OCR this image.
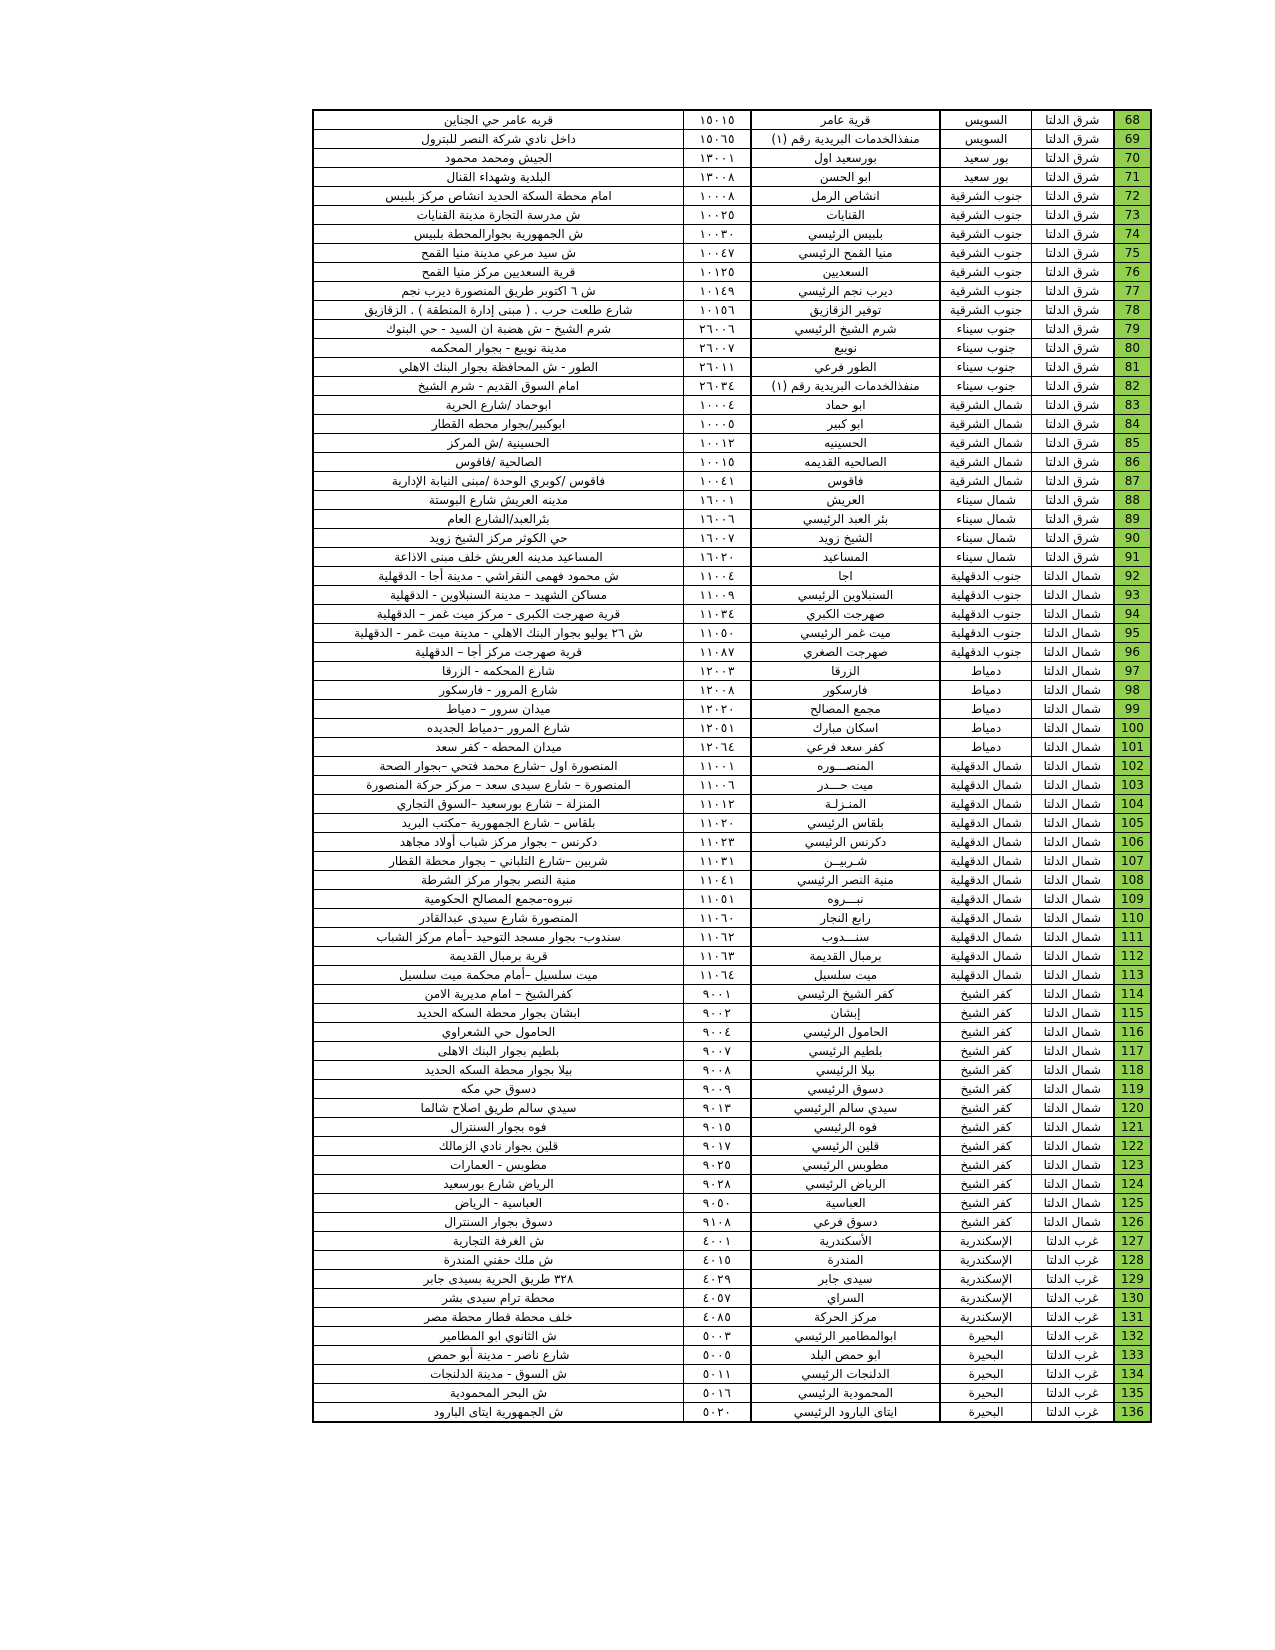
قربه عامر حي الجناين	١٥٠١٥	قرية عامر	السويس	شرق الدلتا	68
داخل نادي شركة النصر للبترول	١٥٠٦٥	منفذالخدمات البريدية رقم (١)	السويس	شرق الدلتا	69
الجيش ومحمد محمود	١٣٠٠١	بورسعيد اول	بور سعيد	شرق الدلتا	70
البلدية وشهداء القنال	١٣٠٠٨	ابو الحسن	بور سعيد	شرق الدلتا	71
امام محطة السكة الحديد انشاص مركز بلبيس	١٠٠٠٨	انشاص الرمل	جنوب الشرقية	شرق الدلتا	72
ش مدرسة التجارة مدينة القنايات	١٠٠٢٥	القنايات	جنوب الشرقية	شرق الدلتا	73
ش الجمهورية بجوارالمحطة بلبيس	١٠٠٣٠	بلبيس الرئيسي	جنوب الشرقية	شرق الدلتا	74
ش سيد مرعي مدينة منيا القمح	١٠٠٤٧	منيا القمح الرئيسي	جنوب الشرقية	شرق الدلتا	75
قرية السعديين مركز منيا القمح	١٠١٢٥	السعديين	جنوب الشرقية	شرق الدلتا	76
ش ٦ اكتوبر طريق المنصورة ديرب نجم	١٠١٤٩	ديرب نجم الرئيسي	جنوب الشرقية	شرق الدلتا	77
شارع طلعت حرب . ( مبنى إدارة المنطقة ) . الزقازيق	١٠١٥٦	توفير الزقازيق	جنوب الشرقية	شرق الدلتا	78
شرم الشيخ - ش هضبة ان السيد - حي البنوك	٢٦٠٠٦	شرم الشيخ الرئيسي	جنوب سيناء	شرق الدلتا	79
مدينة نويبع - بجوار المحكمه	٢٦٠٠٧	نويبع	جنوب سيناء	شرق الدلتا	80
الطور - ش المحافظة بجوار البنك الاهلي	٢٦٠١١	الطور فرعي	جنوب سيناء	شرق الدلتا	81
امام السوق القديم - شرم الشيخ	٢٦٠٣٤	منفذالخدمات البريدية رقم (١)	جنوب سيناء	شرق الدلتا	82
ابوحماد /شارع الحرية	١٠٠٠٤	ابو حماد	شمال الشرقية	شرق الدلتا	83
ابوكبير/بجوار محطه القطار	١٠٠٠٥	ابو كبير	شمال الشرقية	شرق الدلتا	84
الحسينية /ش المركز	١٠٠١٢	الحسينيه	شمال الشرقية	شرق الدلتا	85
الصالحية /فاقوس	١٠٠١٥	الصالحيه القديمه	شمال الشرقية	شرق الدلتا	86
فاقوس /كوبري الوحدة /مبنى النيابة الإدارية	١٠٠٤١	فاقوس	شمال الشرقية	شرق الدلتا	87
مدينه العريش شارع البوستة	١٦٠٠١	العريش	شمال سيناء	شرق الدلتا	88
بئرالعبد/الشارع العام	١٦٠٠٦	بئر العبد الرئيسي	شمال سيناء	شرق الدلتا	89
حي الكوثر مركز الشيخ زويد	١٦٠٠٧	الشيخ زويد	شمال سيناء	شرق الدلتا	90
المساعيد مدينه العريش خلف مبنى الاذاعة	١٦٠٢٠	المساعيد	شمال سيناء	شرق الدلتا	91
ش محمود فهمى النقراشي - مدينة أجا - الدقهلية	١١٠٠٤	اجا	جنوب الدقهلية	شمال الدلتا	92
مساكن الشهيد – مدينة السنبلاوين - الدقهلية	١١٠٠٩	السنبلاوين الرئيسي	جنوب الدقهلية	شمال الدلتا	93
قرية صهرجت الكبرى - مركز ميت غمر – الدقهلية	١١٠٣٤	صهرجت الكبري	جنوب الدقهلية	شمال الدلتا	94
ش ٢٦ يوليو بجوار البنك الاهلي - مدينة ميت غمر - الدقهلية	١١٠٥٠	ميت غمر الرئيسي	جنوب الدقهلية	شمال الدلتا	95
قرية صهرجت مركز أجا – الدقهلية	١١٠٨٧	صهرجت الصغري	جنوب الدقهلية	شمال الدلتا	96
شارع المحكمه - الزرقا	١٢٠٠٣	الزرقا	دمياط	شمال الدلتا	97
شارع المرور - فارسكور	١٢٠٠٨	فارسكور	دمياط	شمال الدلتا	98
ميدان سرور – دمياط	١٢٠٢٠	مجمع المصالح	دمياط	شمال الدلتا	99
شارع المرور –دمياط الجديده	١٢٠٥١	اسكان مبارك	دمياط	شمال الدلتا	100
ميدان المحطه - كفر سعد	١٢٠٦٤	كفر سعد فرعي	دمياط	شمال الدلتا	101
المنصورة اول –شارع محمد فتحي –بجوار الصحة	١١٠٠١	المنصـــوره	شمال الدقهلية	شمال الدلتا	102
المنصورة – شارع سيدى سعد – مركز حركة المنصورة	١١٠٠٦	ميت حـــدر	شمال الدقهلية	شمال الدلتا	103
المنزلة – شارع بورسعيد –السوق التجاري	١١٠١٢	المنـزلـة	شمال الدقهلية	شمال الدلتا	104
بلقاس – شارع الجمهورية –مكتب البريد	١١٠٢٠	بلقاس الرئيسي	شمال الدقهلية	شمال الدلتا	105
دكرنس – بجوار مركز شباب أولاد مجاهد	١١٠٢٣	دكرنس الرئيسي	شمال الدقهلية	شمال الدلتا	106
شربين –شارع التلباني – بجوار محطة القطار	١١٠٣١	شـربيــن	شمال الدقهلية	شمال الدلتا	107
منية النصر بجوار مركز الشرطة	١١٠٤١	منية النصر الرئيسي	شمال الدقهلية	شمال الدلتا	108
نبروه-مجمع المصالح الحكومية	١١٠٥١	نبـــروه	شمال الدقهلية	شمال الدلتا	109
المنصورة شارع سيدى عبدالقادر	١١٠٦٠	رابع النجار	شمال الدقهلية	شمال الدلتا	110
سندوب- بجوار مسجد التوحيد –أمام مركز الشباب	١١٠٦٢	سنـــدوب	شمال الدقهلية	شمال الدلتا	111
قرية برمبال القديمة	١١٠٦٣	برمبال القديمة	شمال الدقهلية	شمال الدلتا	112
ميت سلسيل –أمام محكمة ميت سلسيل	١١٠٦٤	ميت سلسيل	شمال الدقهلية	شمال الدلتا	113
كفرالشيخ – امام مديرية الامن	٩٠٠١	كفر الشيخ الرئيسي	كفر الشيخ	شمال الدلتا	114
ابشان بجوار محطة السكه الحديد	٩٠٠٢	إبشان	كفر الشيخ	شمال الدلتا	115
الحامول حي الشعراوي	٩٠٠٤	الحامول الرئيسي	كفر الشيخ	شمال الدلتا	116
بلطيم بجوار البنك الاهلى	٩٠٠٧	بلطيم الرئيسي	كفر الشيخ	شمال الدلتا	117
بيلا بجوار محطة السكه الحديد	٩٠٠٨	بيلا الرئيسي	كفر الشيخ	شمال الدلتا	118
دسوق حي مكه	٩٠٠٩	دسوق الرئيسي	كفر الشيخ	شمال الدلتا	119
سيدي سالم طريق اصلاح شالما	٩٠١٣	سيدي سالم الرئيسي	كفر الشيخ	شمال الدلتا	120
فوه بجوار السنترال	٩٠١٥	فوه الرئيسي	كفر الشيخ	شمال الدلتا	121
قلين بجوار نادي الزمالك	٩٠١٧	قلين الرئيسي	كفر الشيخ	شمال الدلتا	122
مطوبس - العمارات	٩٠٢٥	مطوبس الرئيسي	كفر الشيخ	شمال الدلتا	123
الرياض شارع بورسعيد	٩٠٢٨	الرياض الرئيسي	كفر الشيخ	شمال الدلتا	124
العباسية - الرياض	٩٠٥٠	العباسية	كفر الشيخ	شمال الدلتا	125
دسوق بجوار السنترال	٩١٠٨	دسوق فرعي	كفر الشيخ	شمال الدلتا	126
ش الغرفة التجارية	٤٠٠١	الأسكندرية	الإسكندرية	غرب الدلتا	127
ش ملك حفني المندرة	٤٠١٥	المندرة	الإسكندرية	غرب الدلتا	128
٣٢٨ طريق الحرية بسيدى جابر	٤٠٢٩	سيدى جابر	الإسكندرية	غرب الدلتا	129
محطة ترام سيدى بشر	٤٠٥٧	السراي	الإسكندرية	غرب الدلتا	130
خلف محطة قطار محطة مصر	٤٠٨٥	مركز الحركة	الإسكندرية	غرب الدلتا	131
ش الثانوي ابو المطامير	٥٠٠٣	ابوالمطامير الرئيسي	البحيرة	غرب الدلتا	132
شارع ناصر - مدينة أبو حمص	٥٠٠٥	ابو حمص البلد	البحيرة	غرب الدلتا	133
ش السوق - مدينة الدلنجات	٥٠١١	الدلنجات الرئيسي	البحيرة	غرب الدلتا	134
ش البحر المحمودية	٥٠١٦	المحمودية الرئيسي	البحيرة	غرب الدلتا	135
ش الجمهورية ايتاى البارود	٥٠٢٠	ايتاى البارود الرئيسي	البحيرة	غرب الدلتا	136
